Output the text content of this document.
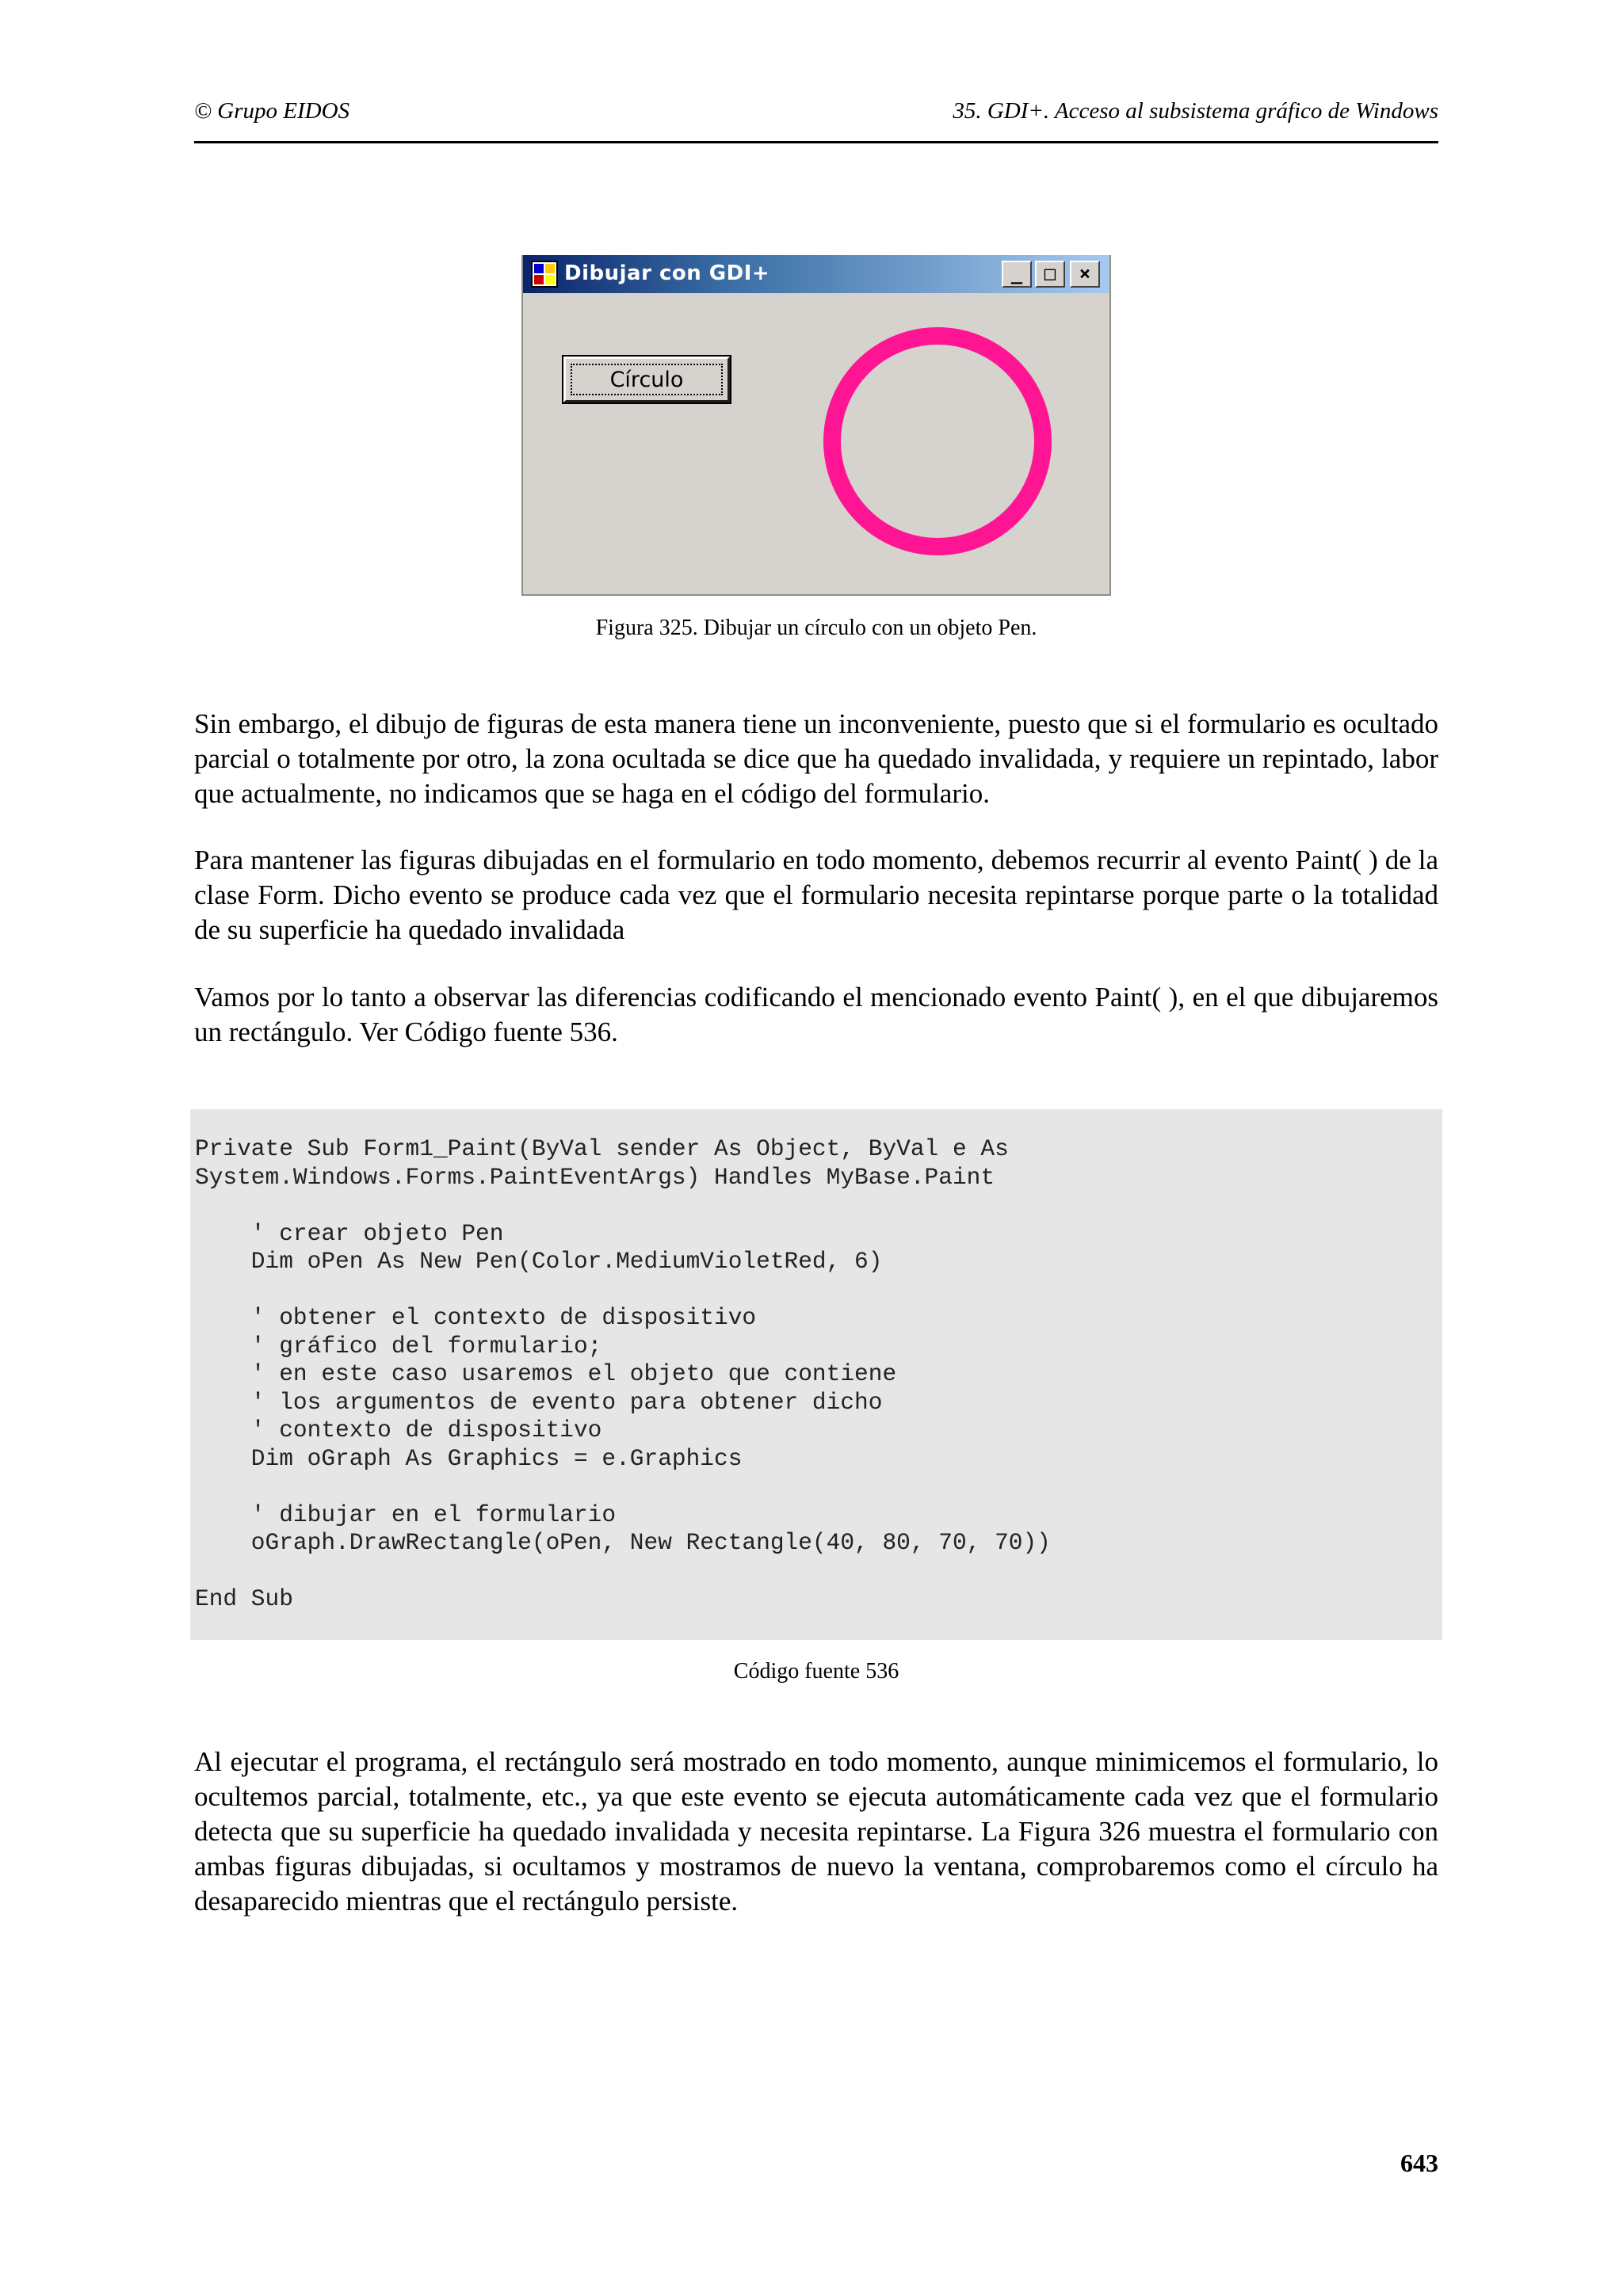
© Grupo EIDOS	35. GDI+. Acceso al subsistema gráfico de Windows
Dibujar con GDI+	_	□	×
Círculo
Figura 325. Dibujar un círculo con un objeto Pen.
Sin embargo, el dibujo de figuras de esta manera tiene un inconveniente, puesto que si el formulario es ocultado parcial o totalmente por otro, la zona ocultada se dice que ha quedado invalidada, y requiere un repintado, labor que actualmente, no indicamos que se haga en el código del formulario.
Para mantener las figuras dibujadas en el formulario en todo momento, debemos recurrir al evento Paint( ) de la clase Form. Dicho evento se produce cada vez que el formulario necesita repintarse porque parte o la totalidad de su superficie ha quedado invalidada
Vamos por lo tanto a observar las diferencias codificando el mencionado evento Paint( ), en el que dibujaremos un rectángulo. Ver Código fuente 536.
Private Sub Form1_Paint(ByVal sender As Object, ByVal e As
System.Windows.Forms.PaintEventArgs) Handles MyBase.Paint
' crear objeto Pen
Dim oPen As New Pen(Color.MediumVioletRed, 6)
' obtener el contexto de dispositivo
' gráfico del formulario;
' en este caso usaremos el objeto que contiene
' los argumentos de evento para obtener dicho
' contexto de dispositivo
Dim oGraph As Graphics = e.Graphics
' dibujar en el formulario
oGraph.DrawRectangle(oPen, New Rectangle(40, 80, 70, 70))
End Sub
Código fuente 536
Al ejecutar el programa, el rectángulo será mostrado en todo momento, aunque minimicemos el formulario, lo ocultemos parcial, totalmente, etc., ya que este evento se ejecuta automáticamente cada vez que el formulario detecta que su superficie ha quedado invalidada y necesita repintarse. La Figura 326 muestra el formulario con ambas figuras dibujadas, si ocultamos y mostramos de nuevo la ventana, comprobaremos como el círculo ha desaparecido mientras que el rectángulo persiste.
643
